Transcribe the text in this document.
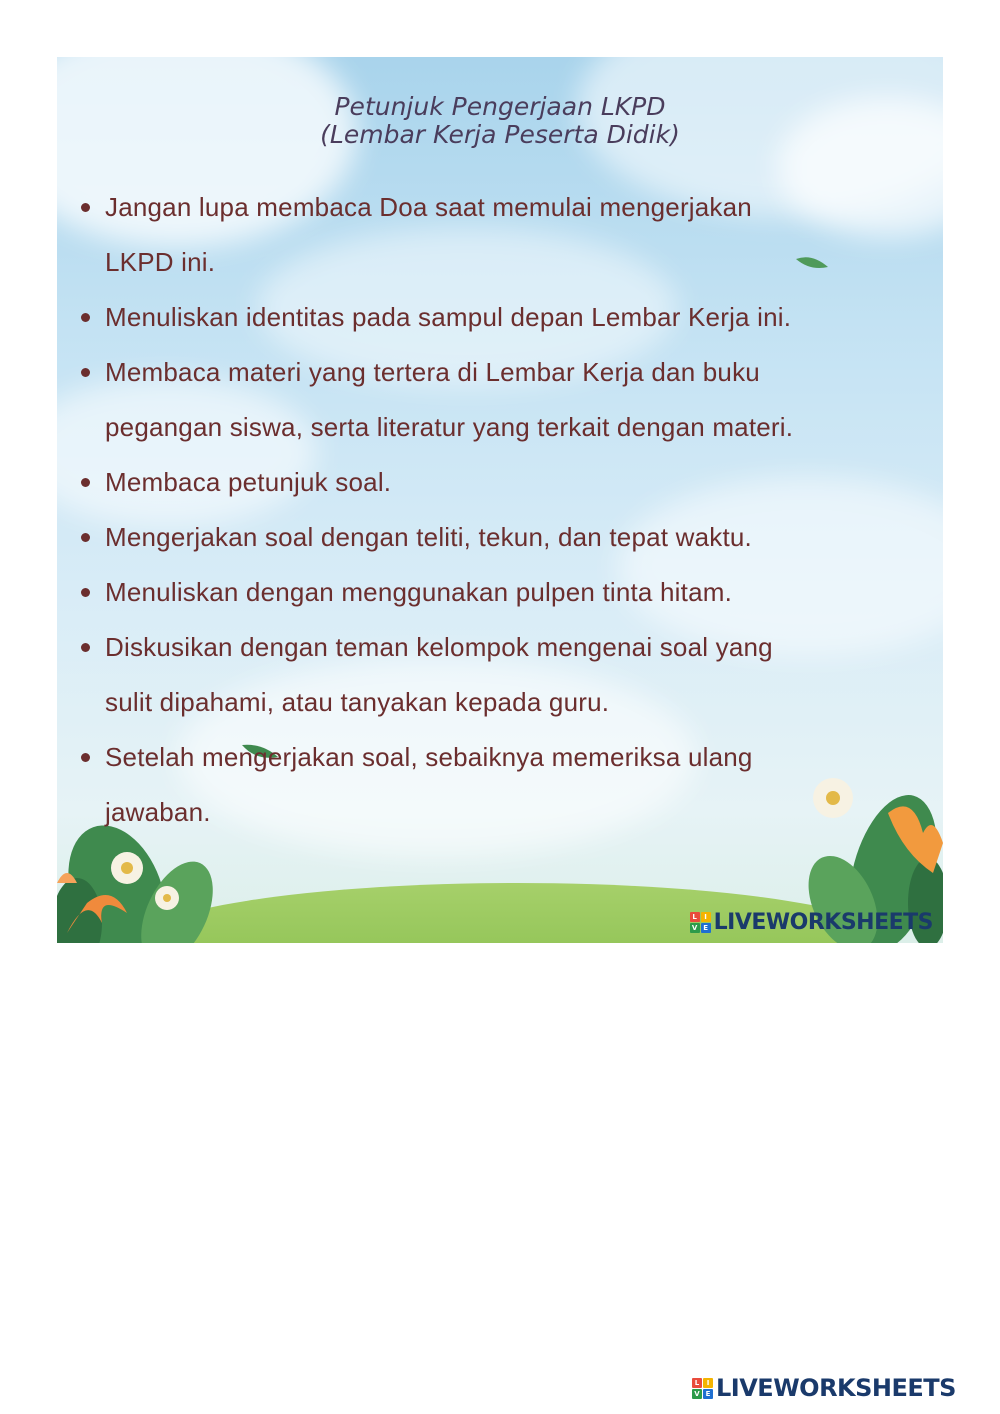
Petunjuk Pengerjaan LKPD
(Lembar Kerja Peserta Didik)
Jangan lupa membaca Doa saat memulai mengerjakan
LKPD ini.
Menuliskan identitas pada sampul depan Lembar Kerja ini.
Membaca materi yang tertera di Lembar Kerja dan buku
pegangan siswa, serta literatur yang terkait dengan materi.
Membaca petunjuk soal.
Mengerjakan soal dengan teliti, tekun, dan tepat waktu.
Menuliskan dengan menggunakan pulpen tinta hitam.
Diskusikan dengan teman kelompok mengenai soal yang
sulit dipahami, atau tanyakan kepada guru.
Setelah mengerjakan soal, sebaiknya memeriksa ulang
jawaban.
L	I
V E LIVEWORKSHEETS
L	I
V E LIVEWORKSHEETS
